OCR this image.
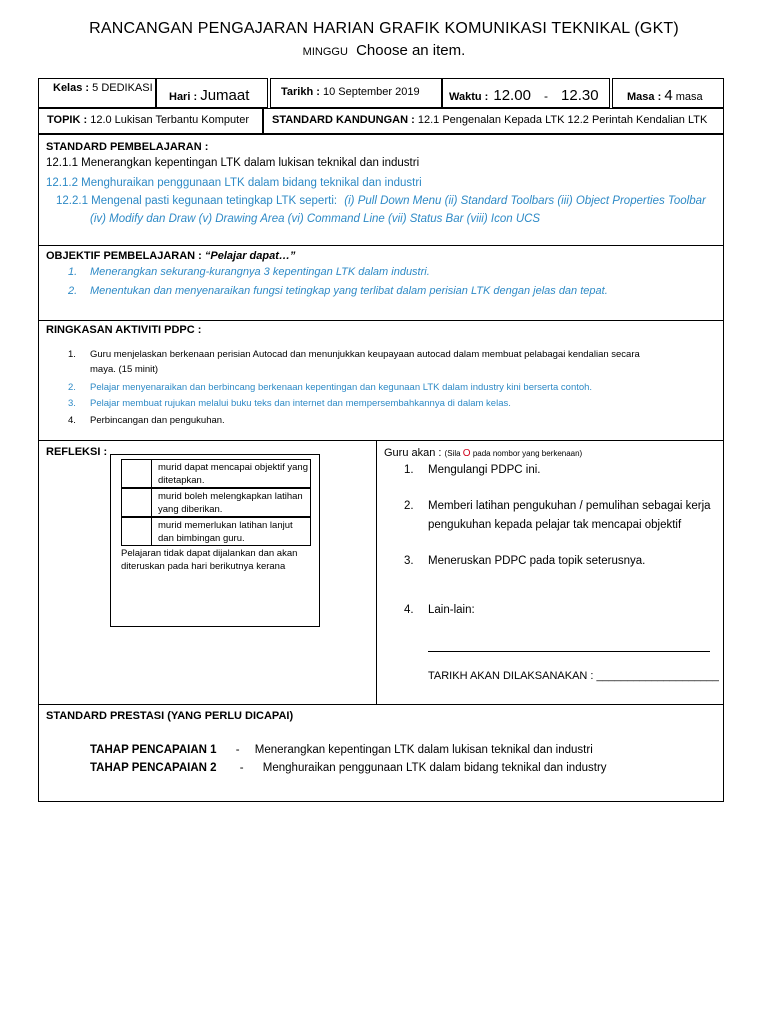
RANCANGAN PENGAJARAN HARIAN GRAFIK KOMUNIKASI TEKNIKAL (GKT)
MINGGU Choose an item.
Kelas : 5 DEDIKASI
Hari : Jumaat	Tarikh : 10 September 2019	Waktu : 12.00 - 12.30	Masa : 4 masa
TOPIK : 12.0 Lukisan Terbantu Komputer STANDARD KANDUNGAN : 12.1 Pengenalan Kepada LTK 12.2 Perintah Kendalian LTK
STANDARD PEMBELAJARAN :
12.1.1 Menerangkan kepentingan LTK dalam lukisan teknikal dan industri
12.1.2 Menghuraikan penggunaan LTK dalam bidang teknikal dan industri
12.2.1 Mengenal pasti kegunaan tetingkap LTK seperti: (i) Pull Down Menu (ii) Standard Toolbars (iii) Object Properties Toolbar
(iv) Modify dan Draw (v) Drawing Area (vi) Command Line (vii) Status Bar (viii) Icon UCS
OBJEKTIF PEMBELAJARAN : “Pelajar dapat…”
1. Menerangkan sekurang-kurangnya 3 kepentingan LTK dalam industri.
2. Menentukan dan menyenaraikan fungsi tetingkap yang terlibat dalam perisian LTK dengan jelas dan tepat.
RINGKASAN AKTIVITI PDPC :
1. Guru menjelaskan berkenaan perisian Autocad dan menunjukkan keupayaan autocad dalam membuat pelabagai kendalian secara
maya. (15 minit)
2. Pelajar menyenaraikan dan berbincang berkenaan kepentingan dan kegunaan LTK dalam industry kini berserta contoh.
3. Pelajar membuat rujukan melalui buku teks dan internet dan mempersembahkannya di dalam kelas.
4. Perbincangan dan pengukuhan.
REFLEKSI :
murid dapat mencapai objektif yang ditetapkan.
murid boleh melengkapkan latihan yang diberikan.
murid memerlukan latihan lanjut dan bimbingan guru.
Pelajaran tidak dapat dijalankan dan akan diteruskan pada hari berikutnya kerana
Guru akan : (Sila O pada nombor yang berkenaan)
1. Mengulangi PDPC ini.
2. Memberi latihan pengukuhan / pemulihan sebagai kerja
pengukuhan kepada pelajar tak mencapai objektif
3. Meneruskan PDPC pada topik seterusnya.
4. Lain-lain:
TARIKH AKAN DILAKSANAKAN : ____________________
STANDARD PRESTASI (YANG PERLU DICAPAI)
TAHAP PENCAPAIAN 1 - Menerangkan kepentingan LTK dalam lukisan teknikal dan industri
TAHAP PENCAPAIAN 2 - Menghuraikan penggunaan LTK dalam bidang teknikal dan industry
